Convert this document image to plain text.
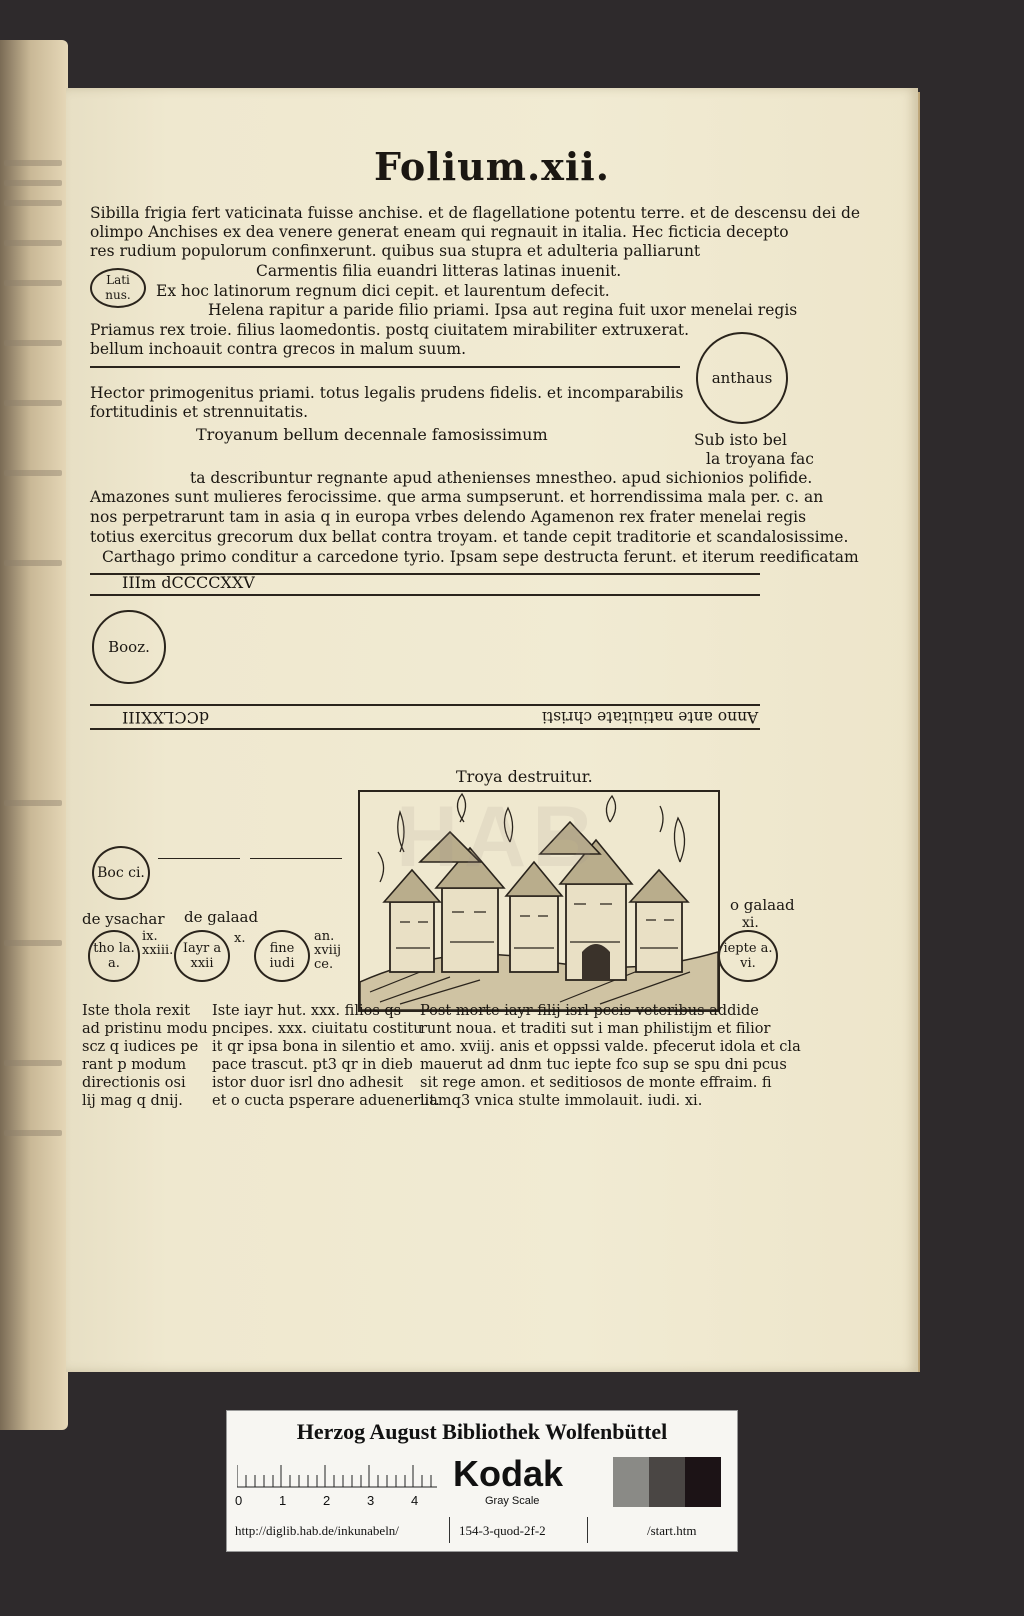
Folium.xii.
Sibilla frigia fert vaticinata fuisse anchise. et de flagellatione potentu terre. et de descensu dei de
olimpo Anchises ex dea venere generat eneam qui regnauit in italia. Hec ficticia decepto
res rudium populorum confinxerunt. quibus sua stupra et adulteria palliarunt
Carmentis filia euandri litteras latinas inuenit.
Lati nus.	Ex hoc latinorum regnum dici cepit. et laurentum defecit.
Helena rapitur a paride filio priami. Ipsa aut regina fuit uxor menelai regis
Priamus rex troie. filius laomedontis. postq ciuitatem mirabiliter extruxerat.
bellum inchoauit contra grecos in malum suum.
anthaus
Hector primogenitus priami. totus legalis prudens fidelis. et incomparabilis
fortitudinis et strennuitatis.
Troyanum bellum decennale famosissimum	Sub isto bel
la troyana fac
ta describuntur regnante apud athenienses mnestheo. apud sichionios polifide.
Amazones sunt mulieres ferocissime. que arma sumpserunt. et horrendissima mala per. c. an
nos perpetrarunt tam in asia q in europa vrbes delendo Agamenon rex frater menelai regis
totius exercitus grecorum dux bellat contra troyam. et tande cepit traditorie et scandalosissime.
Carthago primo conditur a carcedone tyrio. Ipsam sepe destructa ferunt. et iterum reedificatam
IIIm dCCCCXXV
Booz.
dCCLXXIII	Anno ante natiuitate christi
Troya destruitur.
HAB
Boc ci.
de ysachar de galaad
o galaad
xi.
tho la. a.
ix. xxiii. Iayr a xxii
x.
fine iudi
an. xviij ce.
iepte a. vi.
Iste thola rexit
ad pristinu modu
scz q iudices pe
rant p modum
directionis osi
lij mag q dnij.
Iste iayr hut. xxx. filios qs
pncipes. xxx. ciuitatu costitu
it qr ipsa bona in silentio et
pace trascut. pt3 qr in dieb
istor duor isrl dno adhesit
et o cucta psperare aduenerut.
Post morte iayr filij isrl pccis veteribus addide
runt noua. et traditi sut i man philistijm et filior
amo. xviij. anis et oppssi valde. pfecerut idola et cla
mauerut ad dnm tuc iepte fco sup se spu dni pcus
sit rege amon. et seditiosos de monte effraim. fi
liamq3 vnica stulte immolauit. iudi. xi.
Herzog August Bibliothek Wolfenbüttel
0	1	2	3	4
Kodak
Gray Scale
http://diglib.hab.de/inkunabeln/	154-3-quod-2f-2	/start.htm
